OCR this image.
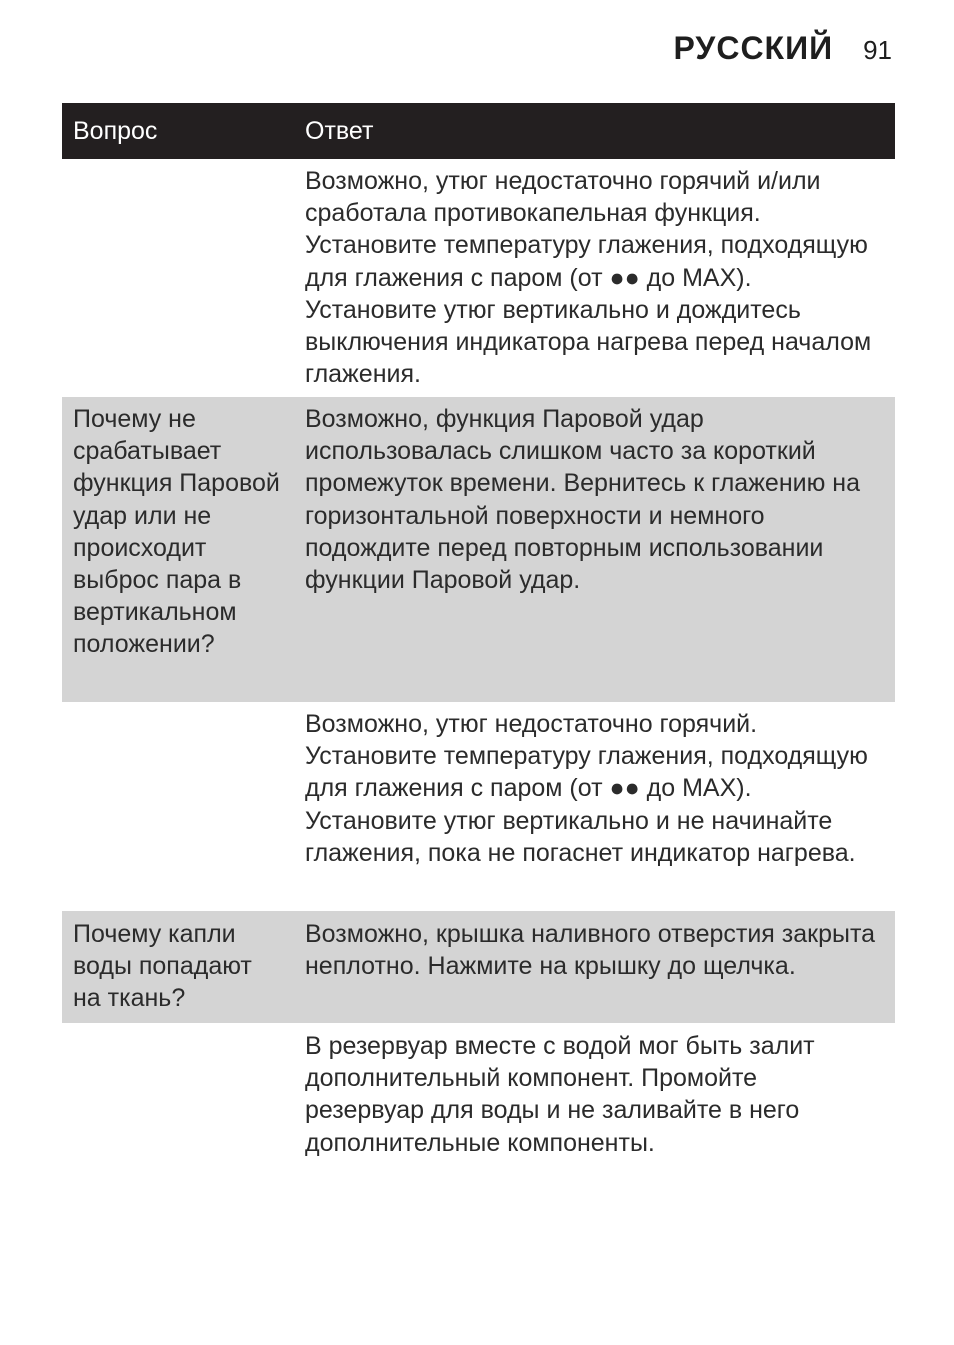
РУССКИЙ 91
Вопрос	Ответ
Возможно, утюг недостаточно горячий и/или сработала противокапельная функция. Установите температуру глажения, подходящую для глажения с паром (от ●● до MAX). Установите утюг вертикально и дождитесь выключения индикатора нагрева перед началом глажения.
Почему не срабатывает функция Паровой удар или не происходит выброс пара в вертикальном положении?
Возможно, функция Паровой удар использовалась слишком часто за короткий промежуток времени. Вернитесь к глажению на горизонтальной поверхности и немного подождите перед повторным использовании функции Паровой удар.
Возможно, утюг недостаточно горячий. Установите температуру глажения, подходящую для глажения с паром (от ●● до MAX). Установите утюг вертикально и не начинайте глажения, пока не погаснет индикатор нагрева.
Почему капли воды попадают на ткань?
Возможно, крышка наливного отверстия закрыта неплотно. Нажмите на крышку до щелчка.
В резервуар вместе с водой мог быть залит дополнительный компонент. Промойте резервуар для воды и не заливайте в него дополнительные компоненты.
